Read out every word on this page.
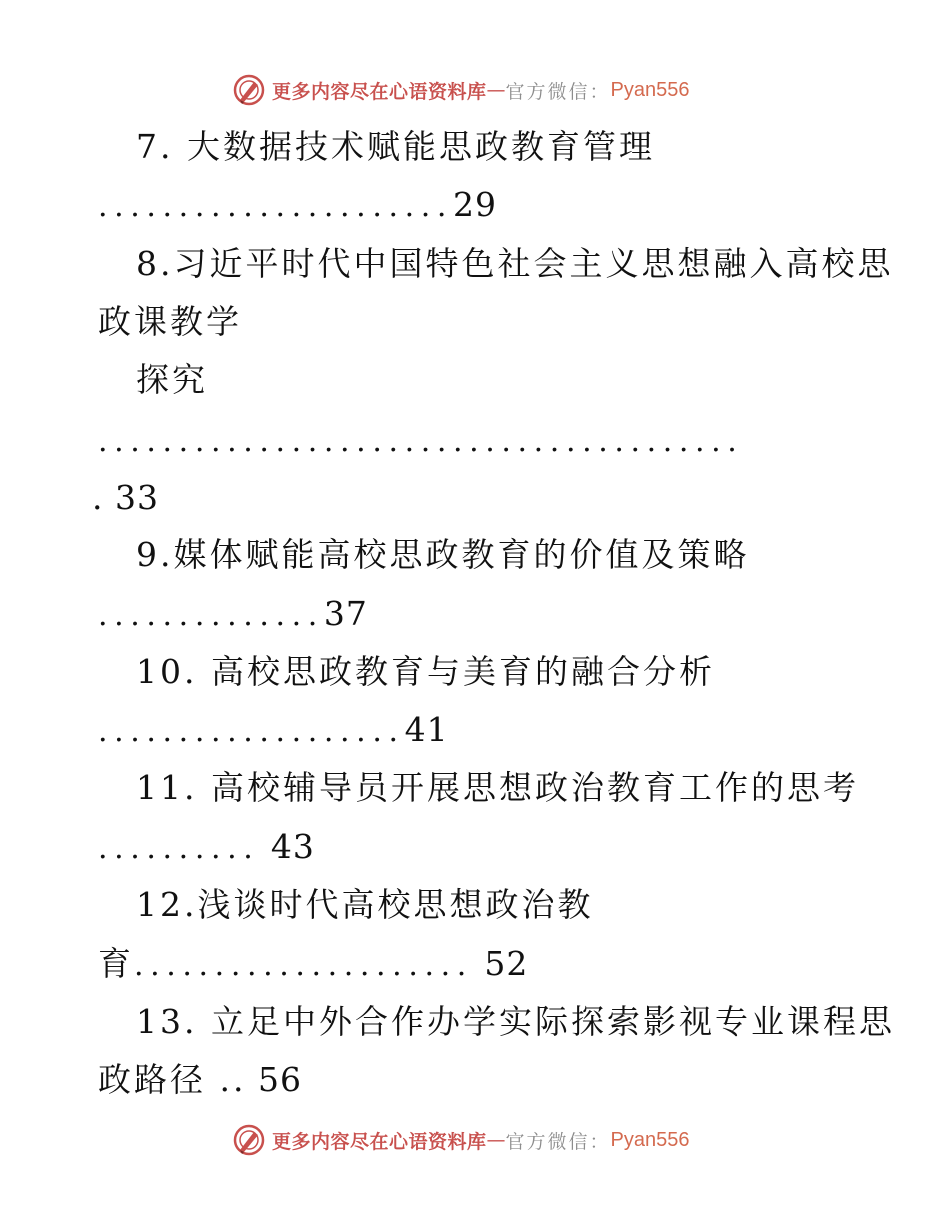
更多内容尽在心语资料库 — 官方微信： Pyan556
7. 大数据技术赋能思政教育管理
......................29
8.习近平时代中国特色社会主义思想融入高校思
政课教学
探究
........................................
. 33
9.媒体赋能高校思政教育的价值及策略
..............37
10. 高校思政教育与美育的融合分析
...................41
11. 高校辅导员开展思想政治教育工作的思考
.......... 43
12.浅谈时代高校思想政治教
育..................... 52
13. 立足中外合作办学实际探索影视专业课程思
政路径 .. 56
更多内容尽在心语资料库 — 官方微信： Pyan556
